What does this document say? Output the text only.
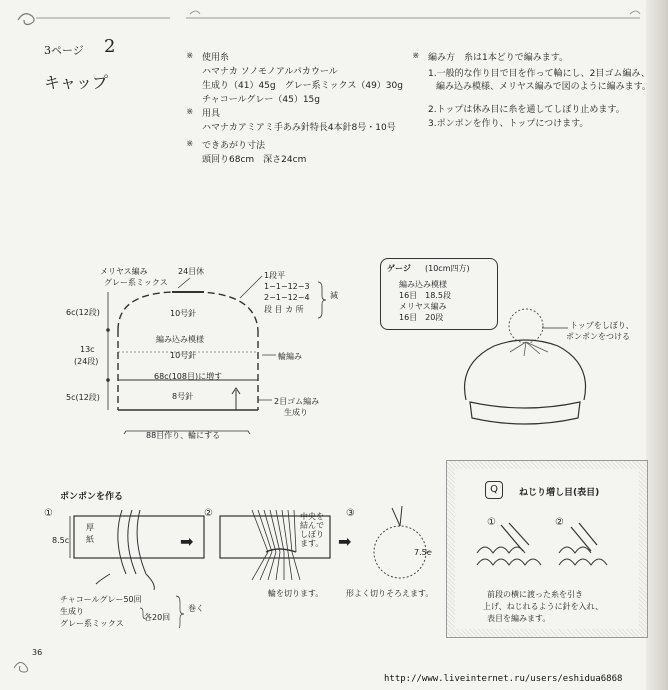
3ページ 2
キャップ
⋇ 使用糸
ハマナカ ソノモノアルパカウール
生成り（41）45g　グレー系ミックス（49）30g
チャコールグレー（45）15g
⋇ 用具
ハマナカアミアミ手あみ針特長4本針8号・10号
⋇ できあがり寸法
頭回り68cm　深さ24cm
⋇ 編み方　糸は1本どりで編みます。
1.一般的な作り目で目を作って輪にし、2目ゴム編み、
編み込み模様、メリヤス編みで図のように編みます。
2.トップは休み目に糸を通してしぼり止めます。
3.ポンポンを作り、トップにつけます。
メリヤス編み
グレー系ミックス
24目休	1段平
1−1−12−3
2−1−12−4
段 目 カ 所
減
10号針
編み込み模様
10号針
68c(108目)に増す
8号針
輪編み
2目ゴム編み
生成り
6c(12段)
13c
(24段)
5c(12段)
88目作り、輪にする
ゲージ (10cm四方)
編み込み模様
16目　18.5段
メリヤス編み
16目　20段
トップをしぼり、
ポンポンをつける
ポンポンを作る
①	②	③
厚
紙
8.5c	➡	➡
中央を
結んで
しぼり
ます。
輪を切ります。	形よく切りそろえます。
7.5c
チャコールグレー50回
生成り
グレー系ミックス
各20回
巻く
Q	ねじり増し目(表目)
①	②
前段の横に渡った糸を引き
上げ、ねじれるように針を入れ、
表目を編みます。
36
http://www.liveinternet.ru/users/eshidua6868
